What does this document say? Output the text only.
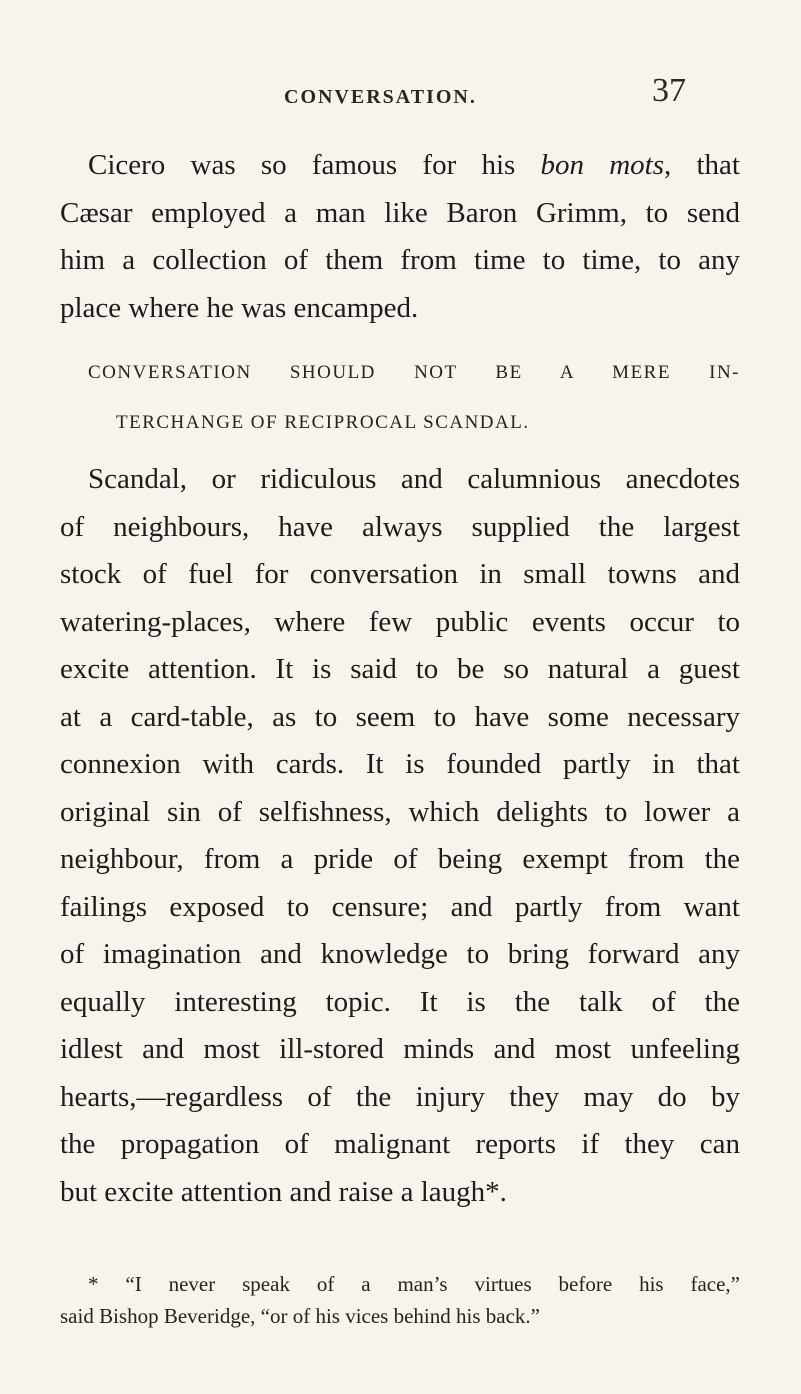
CONVERSATION.	37

Cicero was so famous for his bon mots, that
Cæsar employed a man like Baron Grimm, to send
him a collection of them from time to time, to any
place where he was encamped.

CONVERSATION SHOULD NOT BE A MERE IN-
TERCHANGE OF RECIPROCAL SCANDAL.

Scandal, or ridiculous and calumnious anecdotes
of neighbours, have always supplied the largest
stock of fuel for conversation in small towns and
watering-places, where few public events occur to
excite attention. It is said to be so natural a guest
at a card-table, as to seem to have some necessary
connexion with cards. It is founded partly in that
original sin of selfishness, which delights to lower a
neighbour, from a pride of being exempt from the
failings exposed to censure; and partly from want
of imagination and knowledge to bring forward any
equally interesting topic. It is the talk of the
idlest and most ill-stored minds and most unfeeling
hearts,—regardless of the injury they may do by
the propagation of malignant reports if they can
but excite attention and raise a laugh*.

* “I never speak of a man’s virtues before his face,”
said Bishop Beveridge, “or of his vices behind his back.”
